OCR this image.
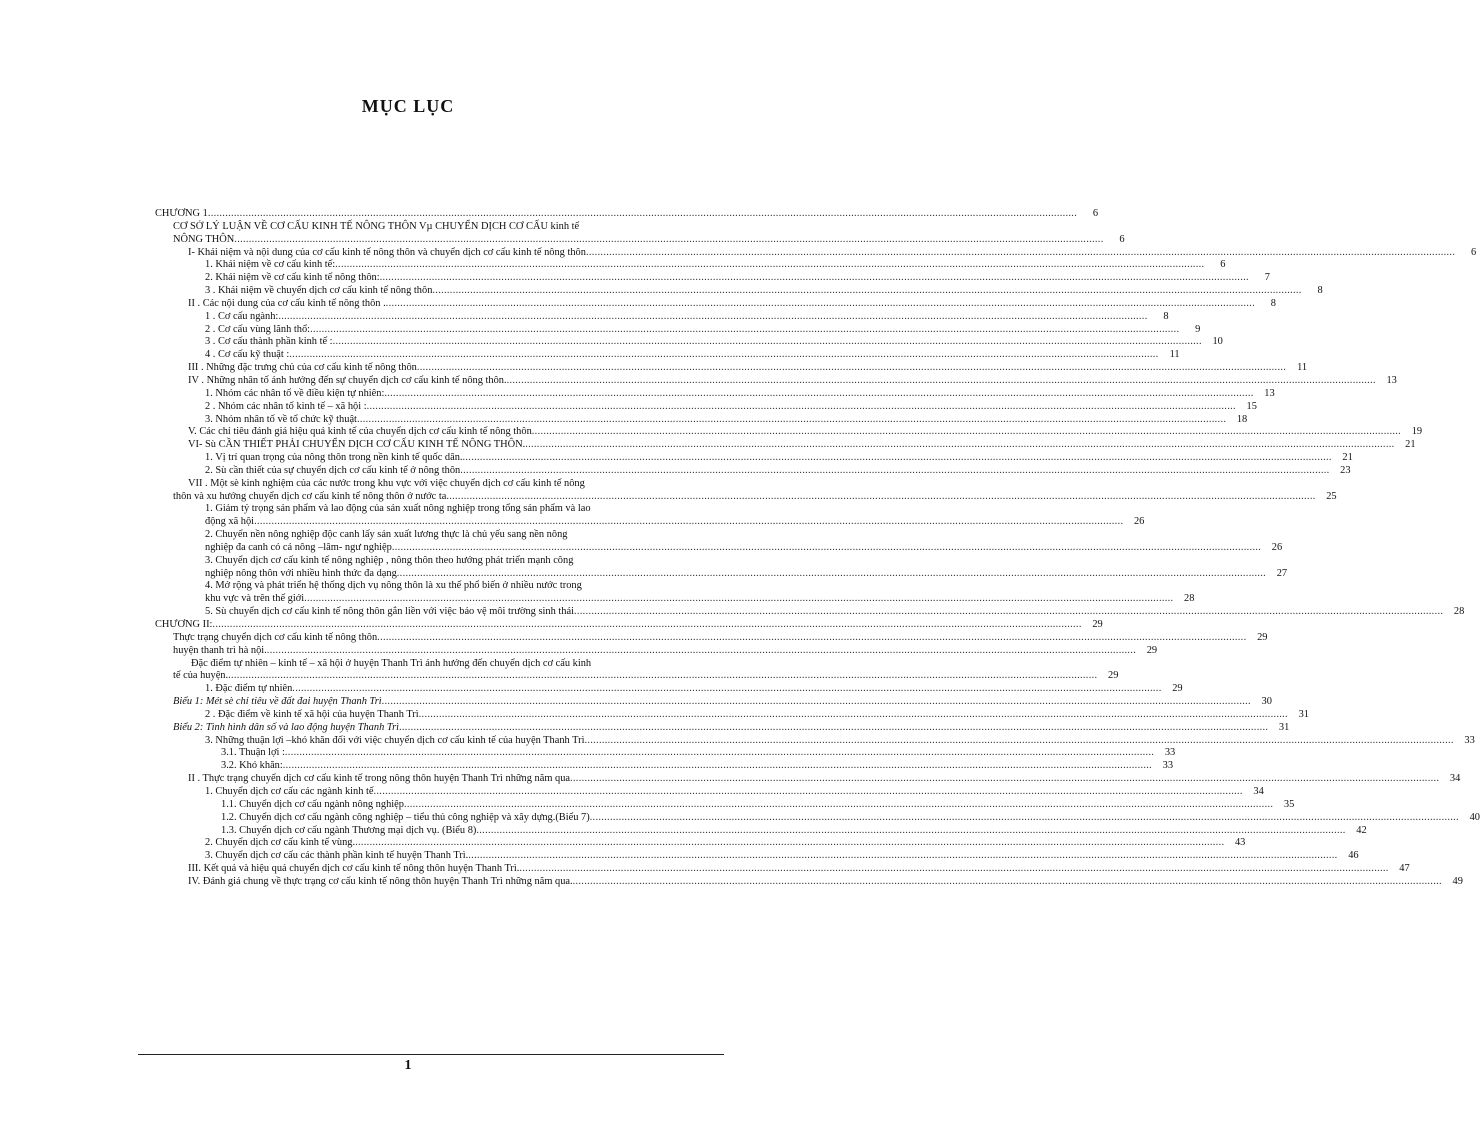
MỤC LỤC
CHƯƠNG 1 ............................................................................................................................................................................................................................................................................................................	6
CƠ SỞ LÝ LUẬN VỀ CƠ CẤU KINH TẾ NÔNG THÔN Vµ CHUYỂN DỊCH CƠ CẤU kinh tế
NÔNG THÔN ............................................................................................................................................................................................................................................................................................................	6
I- Khái niệm và nội dung của cơ cấu kinh tế nông thôn và chuyển dịch cơ cấu kinh tế nông thôn ............................................................................................................................................................................................................................................................................................................	6
1. Khái niệm về cơ cấu kinh tế: ............................................................................................................................................................................................................................................................................................................	6
2. Khái niệm về cơ cấu kinh tế nông thôn: ............................................................................................................................................................................................................................................................................................................	7
3 . Khái niệm về chuyển dịch cơ cấu kinh tế nông thôn ............................................................................................................................................................................................................................................................................................................	8
II . Các nội dung của cơ cấu kinh tế nông thôn . ............................................................................................................................................................................................................................................................................................................	8
1 . Cơ cấu ngành: ............................................................................................................................................................................................................................................................................................................	8
2 . Cơ cấu vùng lãnh thổ: ............................................................................................................................................................................................................................................................................................................	9
3 . Cơ cấu thành phần kinh tế : ............................................................................................................................................................................................................................................................................................................	10
4 . Cơ cấu kỹ thuật : ............................................................................................................................................................................................................................................................................................................	11
III . Những đặc trưng chủ của cơ cấu kinh tế nông thôn ............................................................................................................................................................................................................................................................................................................	11
IV . Những nhân tố ảnh hưởng đến sự chuyển dịch cơ cấu kinh tế nông thôn. ............................................................................................................................................................................................................................................................................................................	13
1. Nhóm các nhân tố về điều kiện tự nhiên: ............................................................................................................................................................................................................................................................................................................	13
2 . Nhóm các nhân tố kinh tế – xã hội : ............................................................................................................................................................................................................................................................................................................	15
3. Nhóm nhân tố về tổ chức kỹ thuật ............................................................................................................................................................................................................................................................................................................	18
V. Các chỉ tiêu đánh giá hiệu quả kinh tế của chuyển dịch cơ cấu kinh tế nông thôn ............................................................................................................................................................................................................................................................................................................	19
VI- Sù CẦN THIẾT PHẢI CHUYỂN DỊCH CƠ CẤU KINH TẾ NÔNG THÔN. ............................................................................................................................................................................................................................................................................................................	21
1. Vị trí quan trọng của nông thôn trong nền kinh tế quốc dân. ............................................................................................................................................................................................................................................................................................................	21
2. Sù cần thiết của sự chuyển dịch cơ cấu kinh tế ở nông thôn ............................................................................................................................................................................................................................................................................................................	23
VII . Một sè kinh nghiệm của các nước trong khu vực với việc chuyển dịch cơ cấu kinh tế nông
thôn và xu hướng chuyển dịch cơ cấu kinh tế nông thôn ở nước ta ............................................................................................................................................................................................................................................................................................................	25
1. Giảm tỷ trọng sản phẩm và lao động của sản xuất nông nghiệp trong tổng sản phẩm và lao
động xã hội ............................................................................................................................................................................................................................................................................................................	26
2. Chuyển nền nông nghiệp độc canh lấy sản xuất lương thực là chủ yếu sang nền nông
nghiệp đa canh có cả nông –lâm- ngư nghiệp ............................................................................................................................................................................................................................................................................................................	26
3. Chuyển dịch cơ cấu kinh tế nông nghiệp , nông thôn theo hướng phát triển mạnh công
nghiệp nông thôn với nhiều hình thức đa dạng ............................................................................................................................................................................................................................................................................................................	27
4. Mở rộng và phát triển hệ thống dịch vụ nông thôn là xu thế phổ biến ở nhiều nước trong
khu vực và trên thế giới ............................................................................................................................................................................................................................................................................................................	28
5. Sù chuyển dịch cơ cấu kinh tế nông thôn gắn liền với việc bảo vệ môi trường sinh thái ............................................................................................................................................................................................................................................................................................................	28
CHƯƠNG II: ............................................................................................................................................................................................................................................................................................................	29
Thực trạng chuyển dịch cơ cấu kinh tế nông thôn ............................................................................................................................................................................................................................................................................................................	29
huyện thanh trì hà nội. ............................................................................................................................................................................................................................................................................................................	29
Đặc điểm tự nhiên – kinh tế – xã hội ở huyện Thanh Trì ảnh hưởng đến chuyển dịch cơ cấu kinh
tế của huyện. ............................................................................................................................................................................................................................................................................................................	29
1. Đặc điểm tự nhiên ............................................................................................................................................................................................................................................................................................................	29
Biểu 1: Mét sè chỉ tiêu về đất đai huyện Thanh Trì ............................................................................................................................................................................................................................................................................................................	30
2 . Đặc điểm về kinh tế xã hội của huyện Thanh Trì ............................................................................................................................................................................................................................................................................................................	31
Biểu 2: Tình hình dân số và lao động huyện Thanh Trì ............................................................................................................................................................................................................................................................................................................	31
3. Những thuận lợi –khó khăn đối với việc chuyển dịch cơ cấu kinh tế của huyện Thanh Trì ............................................................................................................................................................................................................................................................................................................	33
3.1. Thuận lợi : ............................................................................................................................................................................................................................................................................................................	33
3.2. Khó khăn: ............................................................................................................................................................................................................................................................................................................	33
II . Thực trạng chuyển dịch cơ cấu kinh tế trong nông thôn huyện Thanh Trì những năm qua ............................................................................................................................................................................................................................................................................................................	34
1. Chuyển dịch cơ cấu các ngành kinh tế ............................................................................................................................................................................................................................................................................................................	34
1.1. Chuyển dịch cơ cấu ngành nông nghiệp ............................................................................................................................................................................................................................................................................................................	35
1.2. Chuyển dịch cơ cấu ngành công nghiệp – tiểu thủ công nghiệp và xây dựng.(Biểu 7) ............................................................................................................................................................................................................................................................................................................	40
1.3. Chuyển dịch cơ cấu ngành Thương mại dịch vụ. (Biểu 8) ............................................................................................................................................................................................................................................................................................................	42
2. Chuyển dịch cơ cấu kinh tế vùng. ............................................................................................................................................................................................................................................................................................................	43
3. Chuyển dịch cơ cấu các thành phần kinh tế huyện Thanh Trì. ............................................................................................................................................................................................................................................................................................................	46
III. Kết quả và hiệu quả chuyển dịch cơ cấu kinh tế nông thôn huyện Thanh Trì. ............................................................................................................................................................................................................................................................................................................	47
IV. Đánh giá chung về thực trạng cơ cấu kinh tế nông thôn huyện Thanh Trì những năm qua. ............................................................................................................................................................................................................................................................................................................	49
1
